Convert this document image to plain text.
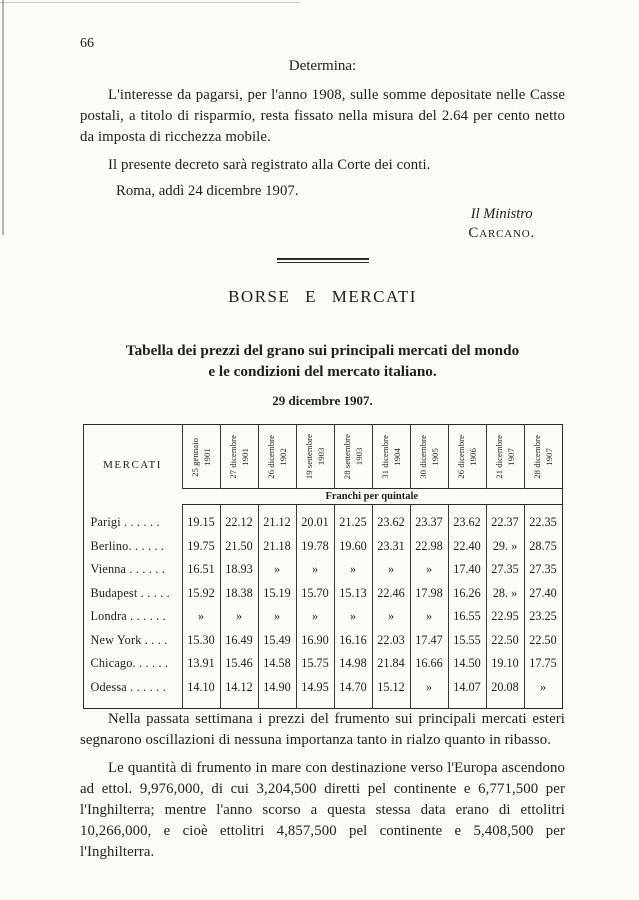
66
Determina:

L'interesse da pagarsi, per l'anno 1908, sulle somme depositate nelle Casse postali, a titolo di risparmio, resta fissato nella misura del 2.64 per cento netto da imposta di ricchezza mobile.

Il presente decreto sarà registrato alla Corte dei conti.

Roma, addì 24 dicembre 1907.
Il Ministro
Carcano.
BORSE E MERCATI
Tabella dei prezzi del grano sui principali mercati del mondo
e le condizioni del mercato italiano.
29 dicembre 1907.
MERCATI	25 gennaio 1901	27 dicembre 1901	26 dicembre 1902	19 settembre 1903	28 settembre 1903	31 dicembre 1904	30 dicembre 1905	26 dicembre 1906	21 dicembre 1907	28 dicembre 1907

	Franchi per quintale									
Parigi . . . . . .	19.15	22.12	21.12	20.01	21.25	23.62	23.37	23.62	22.37	22.35
Berlino. . . . . .	19.75	21.50	21.18	19.78	19.60	23.31	22.98	22.40	29. »	28.75
Vienna . . . . . .	16.51	18.93	»	»	»	»	»	17.40	27.35	27.35
Budapest . . . . .	15.92	18.38	15.19	15.70	15.13	22.46	17.98	16.26	28. »	27.40
Londra . . . . . .	»	»	»	»	»	»	»	16.55	22.95	23.25
New York . . . .	15.30	16.49	15.49	16.90	16.16	22.03	17.47	15.55	22.50	22.50
Chicago. . . . . .	13.91	15.46	14.58	15.75	14.98	21.84	16.66	14.50	19.10	17.75
Odessa . . . . . .	14.10	14.12	14.90	14.95	14.70	15.12	»	14.07	20.08	»

Nella passata settimana i prezzi del frumento sui principali mercati esteri segnarono oscillazioni di nessuna importanza tanto in rialzo quanto in ribasso.

Le quantità di frumento in mare con destinazione verso l'Europa ascendono ad ettol. 9,976,000, di cui 3,204,500 diretti pel continente e 6,771,500 per l'Inghilterra; mentre l'anno scorso a questa stessa data erano di ettolitri 10,266,000, e cioè ettolitri 4,857,500 pel continente e 5,408,500 per l'Inghilterra.
